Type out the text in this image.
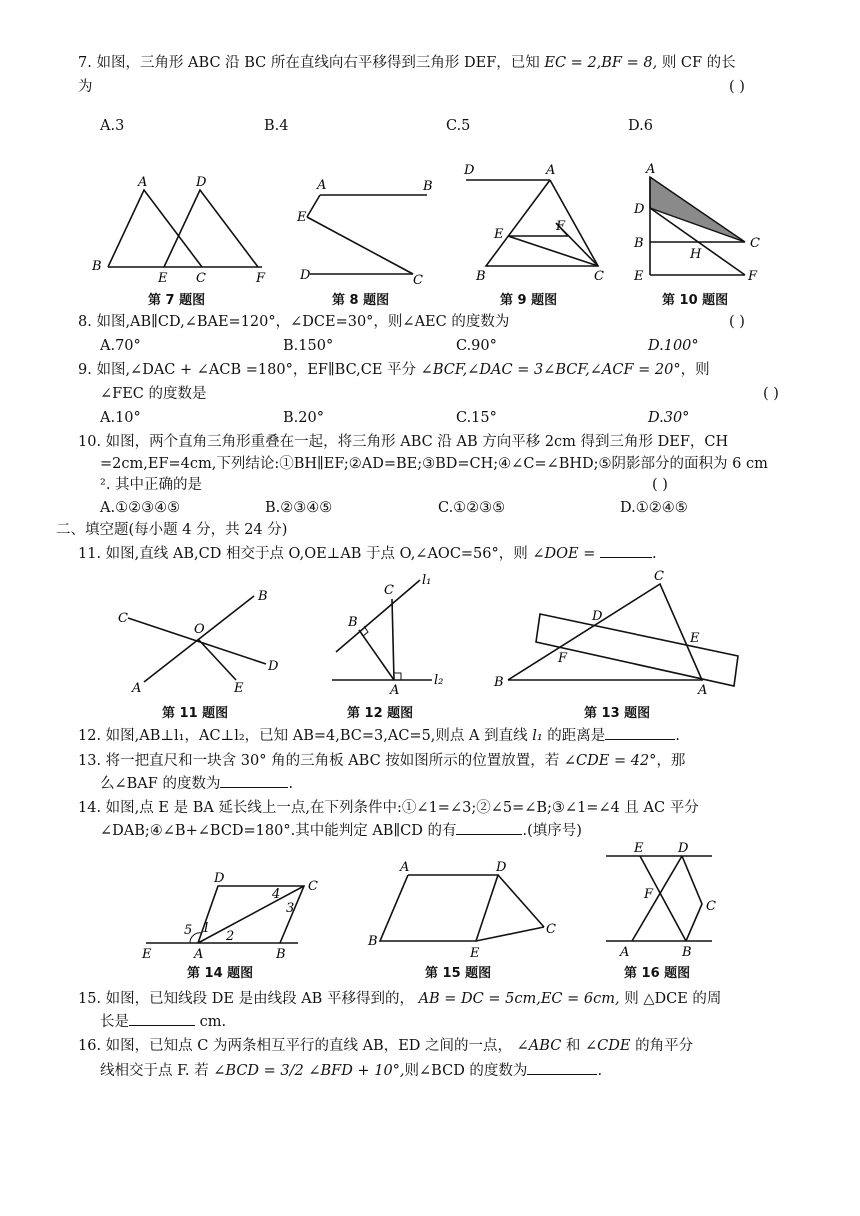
7. 如图，三角形 ABC 沿 BC 所在直线向右平移得到三角形 DEF，已知 EC = 2,BF = 8, 则 CF 的长
为	( )
A.3	B.4	C.5	D.6
A	D
B
E C	F
第 7 题图
A	B
E
D	C
第 8 题图
D	A
E
F
B	C
第 9 题图
A
D
B	C
H
E	F
第 10 题图
8. 如图,AB∥CD,∠BAE=120°，∠DCE=30°，则∠AEC 的度数为	( )
A.70°	B.150°	C.90°	D.100°
9. 如图,∠DAC + ∠ACB =180°，EF∥BC,CE 平分 ∠BCF,∠DAC = 3∠BCF,∠ACF = 20°，则
∠FEC 的度数是	( )
A.10°	B.20°	C.15°	D.30°
10. 如图，两个直角三角形重叠在一起，将三角形 ABC 沿 AB 方向平移 2cm 得到三角形 DEF，CH
=2cm,EF=4cm,下列结论:①BH∥EF;②AD=BE;③BD=CH;④∠C=∠BHD;⑤阴影部分的面积为 6 cm
². 其中正确的是	( )
A.①②③④⑤	B.②③④⑤	C.①②③⑤	D.①②④⑤
二、填空题(每小题 4 分，共 24 分)
11. 如图,直线 AB,CD 相交于点 O,OE⊥AB 于点 O,∠AOC=56°，则 ∠DOE =	.
C
B
O
D
A	E
第 11 题图
C
l₁
B
A
l₂
第 12 题图
C
D
E
F
B
A
第 13 题图
12. 如图,AB⊥l₁，AC⊥l₂，已知 AB=4,BC=3,AC=5,则点 A 到直线 l₁ 的距离是	.
13. 将一把直尺和一块含 30° 角的三角板 ABC 按如图所示的位置放置，若 ∠CDE = 42°，那
么∠BAF 的度数为	.
14. 如图,点 E 是 BA 延长线上一点,在下列条件中:①∠1=∠3;②∠5=∠B;③∠1=∠4 且 AC 平分
∠DAB;④∠B+∠BCD=180°.其中能判定 AB∥CD 的有	.(填序号)
D
4
C
3
5 1
2
E	A	B
第 14 题图
A	D
B
E
C
第 15 题图
E	D
F
C
A	B
第 16 题图
15. 如图，已知线段 DE 是由线段 AB 平移得到的， AB = DC = 5cm,EC = 6cm, 则 △DCE 的周
长是	cm.
16. 如图，已知点 C 为两条相互平行的直线 AB，ED 之间的一点， ∠ABC 和 ∠CDE 的角平分
线相交于点 F. 若 ∠BCD = 3/2 ∠BFD + 10°,则∠BCD 的度数为	.
